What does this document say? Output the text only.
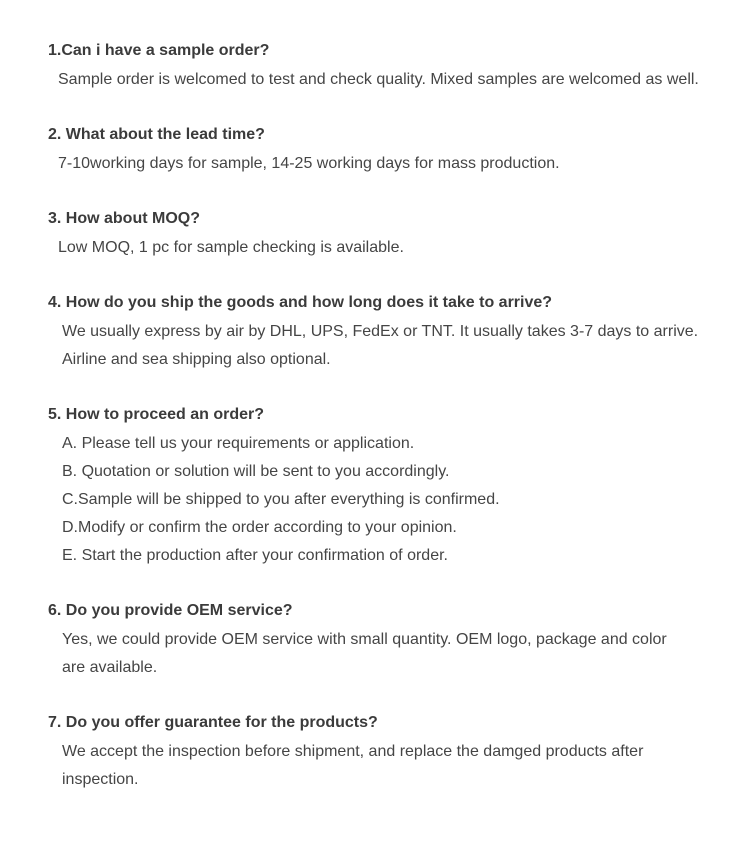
1.Can i have a sample order?

Sample order is welcomed to test and check quality. Mixed samples are welcomed as well.

2. What about the lead time?

7-10working days for sample, 14-25 working days for mass production.

3. How about MOQ?

Low MOQ, 1 pc for sample checking is available.

4. How do you ship the goods and how long does it take to arrive?

We usually express by air by DHL, UPS, FedEx or TNT. It usually takes 3-7 days to arrive.

Airline and sea shipping also optional.

5. How to proceed an order?

A. Please tell us your requirements or application.

B. Quotation or solution will be sent to you accordingly.

C.Sample will be shipped to you after everything is confirmed.

D.Modify or confirm the order according to your opinion.

E. Start the production after your confirmation of order.

6. Do you provide OEM service?

Yes, we could provide OEM service with small quantity. OEM logo, package and color

are available.

7. Do you offer guarantee for the products?

We accept the inspection before shipment, and replace the damged products after

inspection.
